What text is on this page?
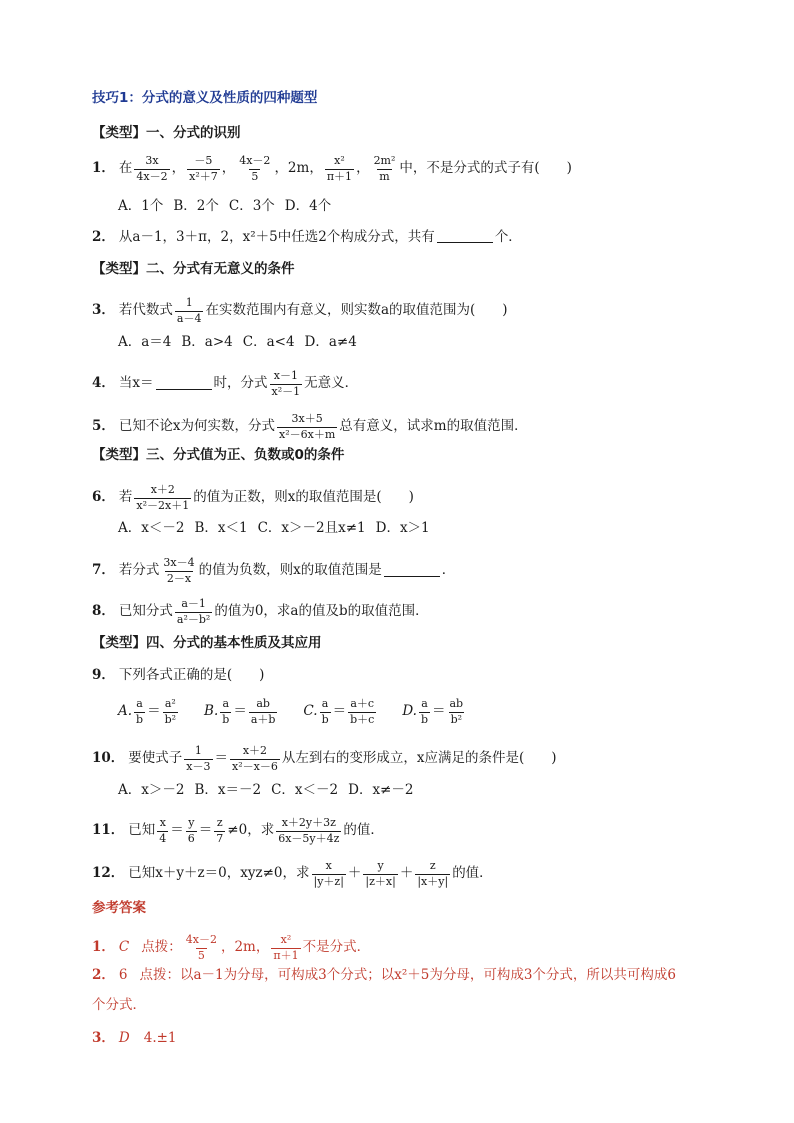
技巧1：分式的意义及性质的四种题型
【类型】一、分式的识别
1． 在 $\frac{3x}{4x-2}$ ， $\frac{-5}{\text{x²＋7}}$ ， $\frac{4x-2}{5}$ ，2m， $\frac{\text{x²}}{\pi+1}$ ， $\frac{\text{2m²}}{m}$ 中，不是分式的式子有(　　)
A．1个 B．2个 C．3个 D．4个
2． 从a－1，3＋π，2，x²＋5中任选2个构成分式，共有	个．
【类型】二、分式有无意义的条件
3． 若代数式 $\frac{1}{a-4}$ 在实数范围内有意义，则实数a的取值范围为(　　)
A．a＝4 B．a>4 C．a<4 D．a≠4
4． 当x＝	时，分式 $\frac{x-1}{\text{x²－1}}$ 无意义．
5． 已知不论x为何实数，分式 $\frac{3x+5}{\text{x²－6x＋m}}$ 总有意义，试求m的取值范围．
【类型】三、分式值为正、负数或0的条件
6． 若 $\frac{x+2}{\text{x²－2x＋1}}$ 的值为正数，则x的取值范围是(　　)
A．x＜－2 B．x＜1 C．x＞－2且x≠1 D．x＞1
7． 若分式 $\frac{3x-4}{2-x}$ 的值为负数，则x的取值范围是	．
8． 已知分式 $\frac{a-1}{\text{a²－b²}}$ 的值为0，求a的值及b的取值范围．
【类型】四、分式的基本性质及其应用
9． 下列各式正确的是(　　)
A. $\frac{a}{b} = \frac{\text{a²}}{\text{b²}} B$. $\frac{a}{b} = \frac{ab}{a+b} C$. $\frac{a}{b} = \frac{a+c}{b+c} D$. $\frac{a}{b} = \frac{ab}{\text{b²}}$
10． 要使式子 $\frac{1}{x-3} = \frac{x+2}{\text{x²－x－6}}$ 从左到右的变形成立，x应满足的条件是(　　)
A．x＞－2 B．x＝－2 C．x＜－2 D．x≠－2
11． 已知 $\frac{x}{4} = \frac{y}{6} = \frac{z}{7} \ne 0$，求 $\frac{x+2y+3z}{6x-5y+4z}$ 的值．
12． 已知x＋y＋z＝0，xyz≠0，求 $\frac{x}{|y+z|} + \frac{y}{|z+x|} + \frac{z}{|x+y|}$ 的值．
参考答案
1． C 点拨： $\frac{4x-2}{5}$ ，2m， $\frac{\text{x²}}{\pi+1}$ 不是分式．
2． 6 点拨：以a－1为分母，可构成3个分式；以x²＋5为分母，可构成3个分式，所以共可构成6
个分式．
3． D 4.±1
